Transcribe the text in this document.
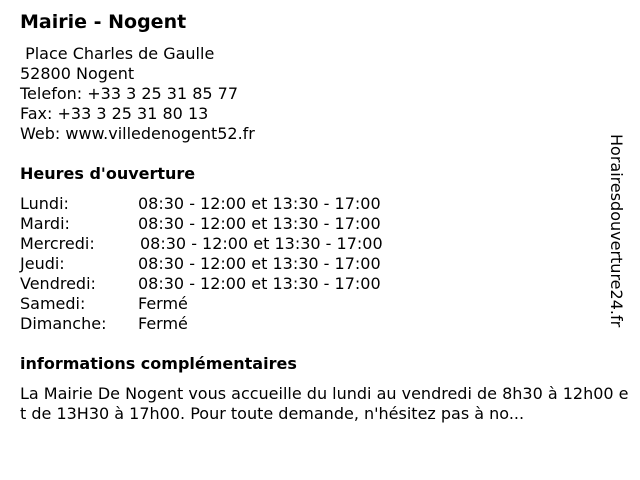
Mairie - Nogent
Place Charles de Gaulle
52800 Nogent
Telefon: +33 3 25 31 85 77
Fax: +33 3 25 31 80 13
Web: www.villedenogent52.fr
Heures d'ouverture
Lundi:	08:30 - 12:00 et 13:30 - 17:00
Mardi:	08:30 - 12:00 et 13:30 - 17:00
Mercredi:	08:30 - 12:00 et 13:30 - 17:00
Jeudi:	08:30 - 12:00 et 13:30 - 17:00
Vendredi:	08:30 - 12:00 et 13:30 - 17:00
Samedi:	Fermé
Dimanche: Fermé
informations complémentaires
La Mairie De Nogent vous accueille du lundi au vendredi de 8h30 à 12h00 et de 13H30 à 17h00. Pour toute demande, n'hésitez pas à no...
Horairesdouverture24.fr
